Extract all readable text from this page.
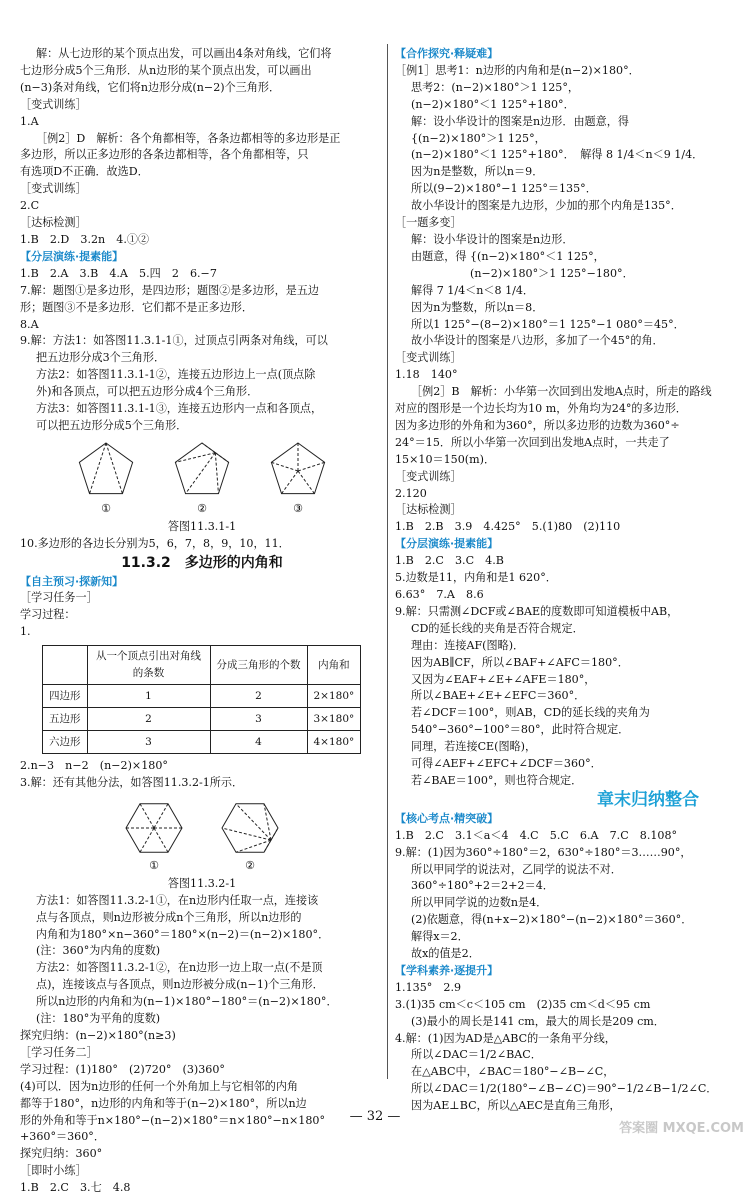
解：从七边形的某个顶点出发，可以画出4条对角线，它们将
七边形分成5个三角形．从n边形的某个顶点出发，可以画出
(n−3)条对角线，它们将n边形分成(n−2)个三角形．
［变式训练］
1.A
［例2］D　解析：各个角都相等，各条边都相等的多边形是正
多边形，所以正多边形的各条边都相等，各个角都相等，只
有选项D不正确．故选D．
［变式训练］
2.C
［达标检测］
1.B　2.D　3.2n　4.①②
【分层演练·提素能】
1.B　2.A　3.B　4.A　5.四　2　6.−7
7.解：题图①是多边形，是四边形；题图②是多边形，是五边
形；题图③不是多边形．它们都不是正多边形．
8.A
9.解：方法1：如答图11.3.1-1①，过顶点引两条对角线，可以
把五边形分成3个三角形．
方法2：如答图11.3.1-1②，连接五边形边上一点(顶点除
外)和各顶点，可以把五边形分成4个三角形．
方法3：如答图11.3.1-1③，连接五边形内一点和各顶点，
可以把五边形分成5个三角形．
①	②	③
答图11.3.1-1
10.多边形的各边长分别为5，6，7，8，9，10，11．
11.3.2　多边形的内角和
【自主预习·探新知】
［学习任务一］
学习过程：
1.
	从一个顶点引出对角线的条数	分成三角形的个数	内角和
四边形	1	2	2×180°
五边形	2	3	3×180°
六边形	3	4	4×180°
2.n−3　n−2　(n−2)×180°
3.解：还有其他分法，如答图11.3.2-1所示．
①	②
答图11.3.2-1
方法1：如答图11.3.2-1①，在n边形内任取一点，连接该
点与各顶点，则n边形被分成n个三角形，所以n边形的
内角和为180°×n−360°＝180°×(n−2)＝(n−2)×180°．
(注：360°为内角的度数)
方法2：如答图11.3.2-1②，在n边形一边上取一点(不是顶
点)，连接该点与各顶点，则n边形被分成(n−1)个三角形．
所以n边形的内角和为(n−1)×180°−180°＝(n−2)×180°．
(注：180°为平角的度数)
探究归纳：(n−2)×180°(n≥3)
［学习任务二］
学习过程：(1)180°　(2)720°　(3)360°
(4)可以．因为n边形的任何一个外角加上与它相邻的内角
都等于180°，n边形的内角和等于(n−2)×180°，所以n边
形的外角和等于n×180°−(n−2)×180°＝n×180°−n×180°
+360°＝360°．
探究归纳：360°
［即时小练］
1.B　2.C　3.七　4.8
【合作探究·释疑难】
［例1］思考1：n边形的内角和是(n−2)×180°．
思考2：(n−2)×180°＞1 125°，
(n−2)×180°＜1 125°+180°．
解：设小华设计的图案是n边形．由题意，得
{(n−2)×180°＞1 125°，
(n−2)×180°＜1 125°+180°．　解得 8 1/4＜n＜9 1/4．
因为n是整数，所以n＝9．
所以(9−2)×180°−1 125°＝135°．
故小华设计的图案是九边形，少加的那个内角是135°．
［一题多变］
解：设小华设计的图案是n边形．
由题意，得 {(n−2)×180°＜1 125°，
　　　　　 (n−2)×180°＞1 125°−180°．
解得 7 1/4＜n＜8 1/4．
因为n为整数，所以n＝8．
所以1 125°−(8−2)×180°＝1 125°−1 080°＝45°．
故小华设计的图案是八边形，多加了一个45°的角．
［变式训练］
1.18　140°
［例2］B　解析：小华第一次回到出发地A点时，所走的路线
对应的图形是一个边长均为10 m，外角均为24°的多边形．
因为多边形的外角和为360°，所以多边形的边数为360°÷
24°＝15．所以小华第一次回到出发地A点时，一共走了
15×10＝150(m)．
［变式训练］
2.120
［达标检测］
1.B　2.B　3.9　4.425°　5.(1)80　(2)110
【分层演练·提素能】
1.B　2.C　3.C　4.B
5.边数是11，内角和是1 620°．
6.63°　7.A　8.6
9.解：只需测∠DCF或∠BAE的度数即可知道模板中AB，
CD的延长线的夹角是否符合规定．
理由：连接AF(图略)．
因为AB∥CF，所以∠BAF+∠AFC＝180°．
又因为∠EAF+∠E+∠AFE＝180°，
所以∠BAE+∠E+∠EFC＝360°．
若∠DCF＝100°，则AB，CD的延长线的夹角为
540°−360°−100°＝80°，此时符合规定．
同理，若连接CE(图略)，
可得∠AEF+∠EFC+∠DCF＝360°．
若∠BAE＝100°，则也符合规定．
章末归纳整合
【核心考点·精突破】
1.B　2.C　3.1＜a＜4　4.C　5.C　6.A　7.C　8.108°
9.解：(1)因为360°÷180°＝2，630°÷180°＝3……90°，
所以甲同学的说法对，乙同学的说法不对．
360°÷180°+2＝2+2＝4．
所以甲同学说的边数n是4．
(2)依题意，得(n+x−2)×180°−(n−2)×180°＝360°．
解得x＝2．
故x的值是2．
【学科素养·逐提升】
1.135°　2.9
3.(1)35 cm＜c＜105 cm　(2)35 cm＜d＜95 cm
(3)最小的周长是141 cm，最大的周长是209 cm．
4.解：(1)因为AD是△ABC的一条角平分线，
所以∠DAC＝1/2∠BAC．
在△ABC中，∠BAC＝180°−∠B−∠C，
所以∠DAC＝1/2(180°−∠B−∠C)＝90°−1/2∠B−1/2∠C．
因为AE⊥BC，所以△AEC是直角三角形，
— 32 —
答案圈 MXQE.COM
